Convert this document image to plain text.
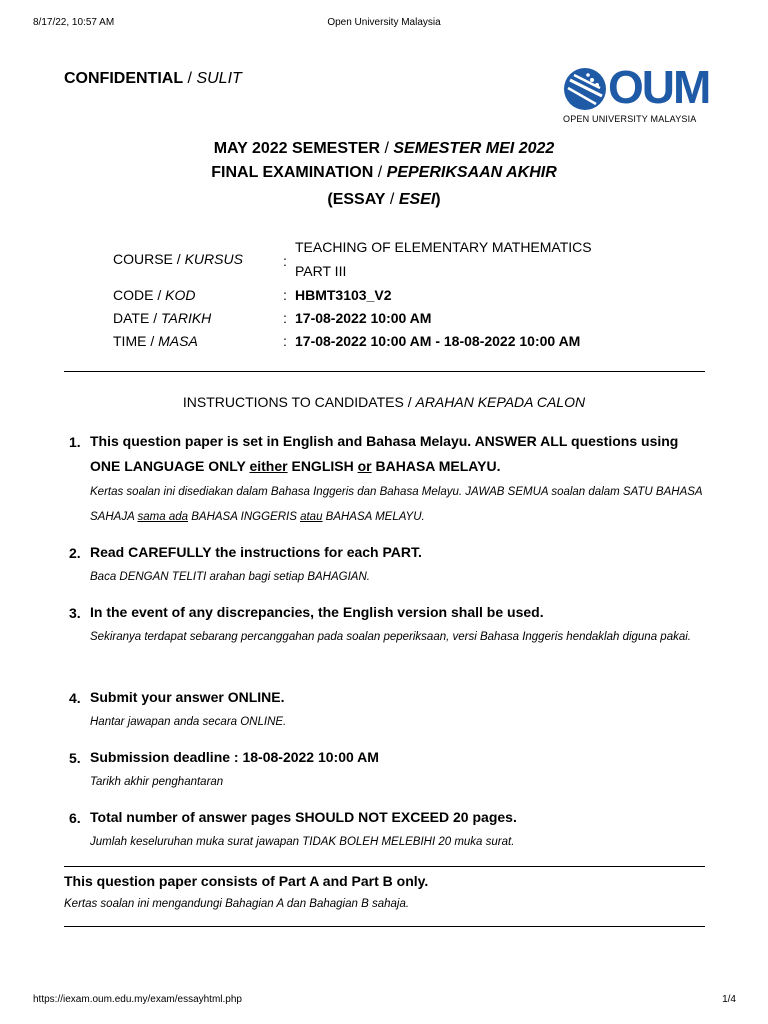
8/17/22, 10:57 AM	Open University Malaysia
CONFIDENTIAL / SULIT	OUM
OPEN UNIVERSITY MALAYSIA
MAY 2022 SEMESTER / SEMESTER MEI 2022
FINAL EXAMINATION / PEPERIKSAAN AKHIR
(ESSAY / ESEI)
COURSE / KURSUS	:
TEACHING OF ELEMENTARY MATHEMATICS
PART III
CODE / KOD	: HBMT3103_V2
DATE / TARIKH	: 17-08-2022 10:00 AM
TIME / MASA	: 17-08-2022 10:00 AM - 18-08-2022 10:00 AM
INSTRUCTIONS TO CANDIDATES / ARAHAN KEPADA CALON
1. This question paper is set in English and Bahasa Melayu. ANSWER ALL questions using ONE LANGUAGE ONLY either ENGLISH or BAHASA MELAYU.
Kertas soalan ini disediakan dalam Bahasa Inggeris dan Bahasa Melayu. JAWAB SEMUA soalan dalam SATU BAHASA SAHAJA sama ada BAHASA INGGERIS atau BAHASA MELAYU.
2. Read CAREFULLY the instructions for each PART.
Baca DENGAN TELITI arahan bagi setiap BAHAGIAN.
3. In the event of any discrepancies, the English version shall be used.
Sekiranya terdapat sebarang percanggahan pada soalan peperiksaan, versi Bahasa Inggeris hendaklah diguna pakai.
4. Submit your answer ONLINE.
Hantar jawapan anda secara ONLINE.
5. Submission deadline : 18-08-2022 10:00 AM
Tarikh akhir penghantaran
6. Total number of answer pages SHOULD NOT EXCEED 20 pages.
Jumlah keseluruhan muka surat jawapan TIDAK BOLEH MELEBIHI 20 muka surat.
This question paper consists of Part A and Part B only.
Kertas soalan ini mengandungi Bahagian A dan Bahagian B sahaja.
https://iexam.oum.edu.my/exam/essayhtml.php	1/4
